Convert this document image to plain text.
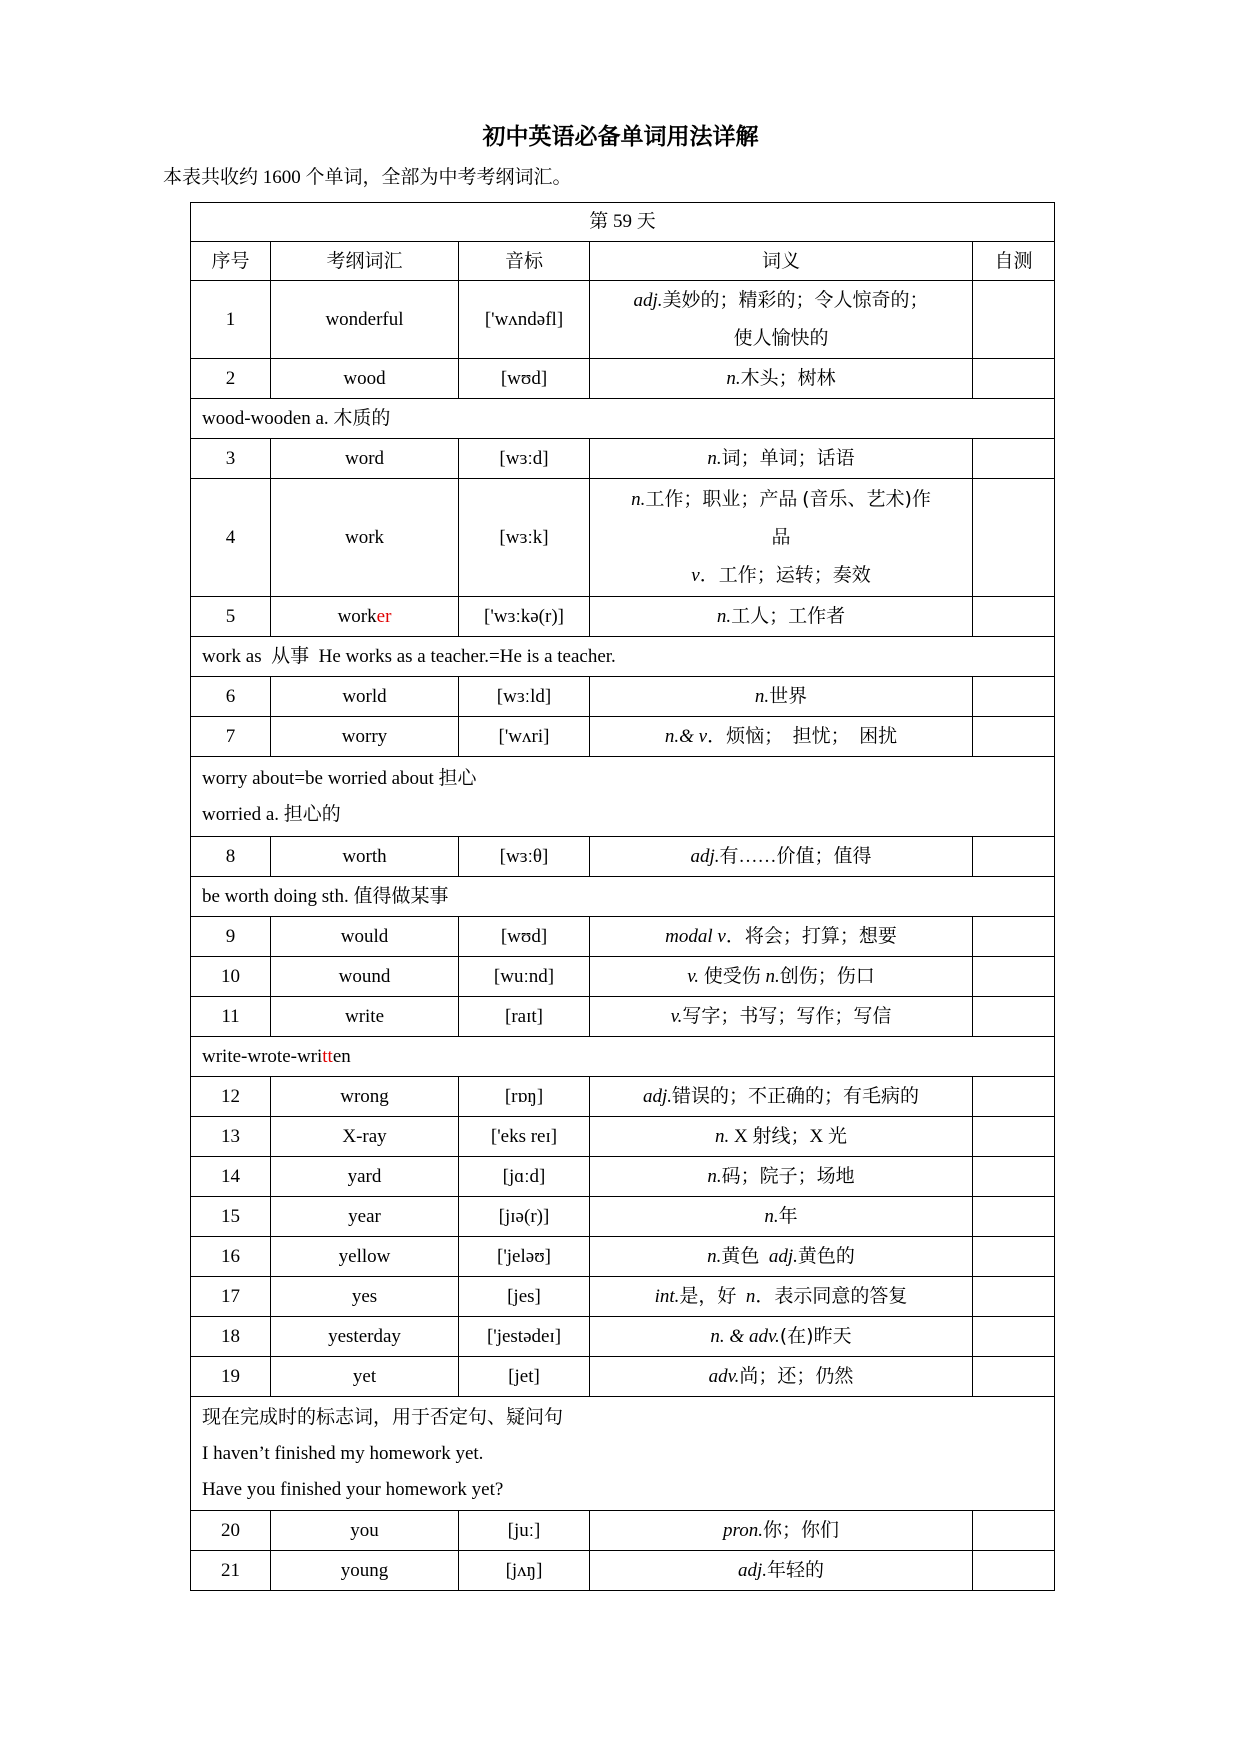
初中英语必备单词用法详解

本表共收约 1600 个单词，全部为中考考纲词汇。

第 59 天				
序号	考纲词汇	音标	词义	自测
1	wonderful	['wʌndəfl]	adj.美妙的；精彩的；令人惊奇的；
使人愉快的	
2	wood	[wʊd]	n.木头；树林	
wood-wooden a. 木质的				
3	word	[wɜːd]	n.词；单词；话语	
4	work	[wɜːk]	n.工作；职业；产品 (音乐、艺术)作
品
v．工作；运转；奏效	
5	worker	['wɜːkə(r)]	n.工人；工作者	
work as  从事  He works as a teacher.=He is a teacher.				
6	world	[wɜːld]	n.世界	
7	worry	['wʌri]	n.& v．烦恼；  担忧；  困扰	
worry about=be worried about 担心
worried a. 担心的				
8	worth	[wɜːθ]	adj.有……价值；值得	
be worth doing sth. 值得做某事				
9	would	[wʊd]	modal v．将会；打算；想要	
10	wound	[wuːnd]	v. 使受伤 n.创伤；伤口	
11	write	[raɪt]	v.写字；书写；写作；写信	
write-wrote-written				
12	wrong	[rɒŋ]	adj.错误的；不正确的；有毛病的	
13	X-ray	['eks reɪ]	n. X 射线；X 光	
14	yard	[jɑːd]	n.码；院子；场地	
15	year	[jɪə(r)]	n.年	
16	yellow	['jeləʊ]	n.黄色  adj.黄色的	
17	yes	[jes]	int.是，好  n．表示同意的答复	
18	yesterday	['jestədeɪ]	n. & adv.(在)昨天	
19	yet	[jet]	adv.尚；还；仍然	
现在完成时的标志词，用于否定句、疑问句
I haven’t finished my homework yet.
Have you finished your homework yet?				
20	you	[juː]	pron.你；你们	
21	young	[jʌŋ]	adj.年轻的	
